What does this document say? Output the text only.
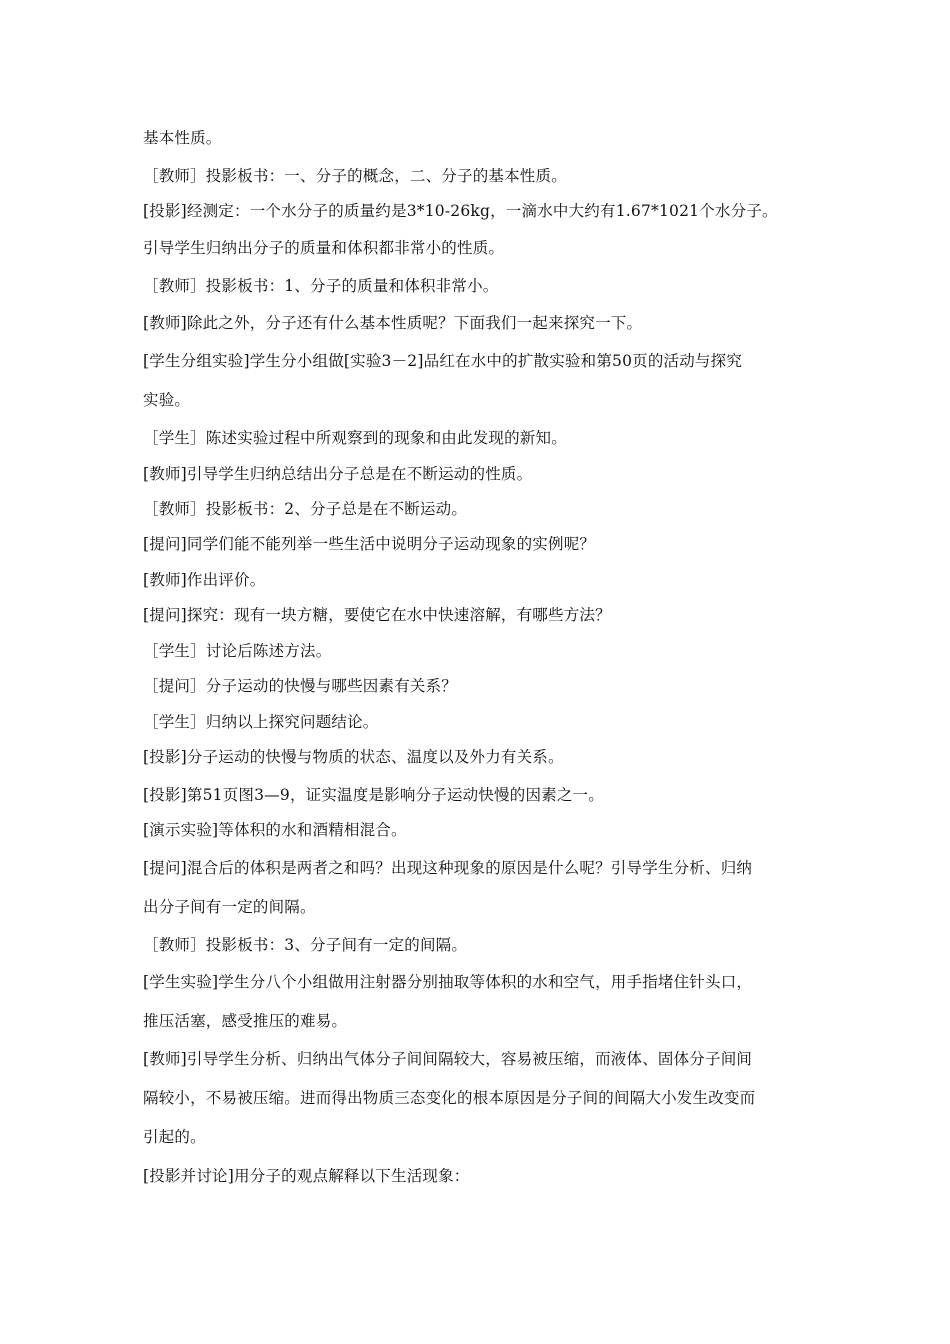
基本性质。
［教师］投影板书：一、分子的概念，二、分子的基本性质。
[投影]经测定：一个水分子的质量约是3*10-26kg，一滴水中大约有1.67*1021个水分子。
引导学生归纳出分子的质量和体积都非常小的性质。
［教师］投影板书：1、分子的质量和体积非常小。
[教师]除此之外，分子还有什么基本性质呢？下面我们一起来探究一下。
[学生分组实验]学生分小组做[实验3－2]品红在水中的扩散实验和第50页的活动与探究
实验。
［学生］陈述实验过程中所观察到的现象和由此发现的新知。
[教师]引导学生归纳总结出分子总是在不断运动的性质。
［教师］投影板书：2、分子总是在不断运动。
[提问]同学们能不能列举一些生活中说明分子运动现象的实例呢？
[教师]作出评价。
[提问]探究：现有一块方糖，要使它在水中快速溶解，有哪些方法？
［学生］讨论后陈述方法。
［提问］分子运动的快慢与哪些因素有关系？
［学生］归纳以上探究问题结论。
[投影]分子运动的快慢与物质的状态、温度以及外力有关系。
[投影]第51页图3—9，证实温度是影响分子运动快慢的因素之一。
[演示实验]等体积的水和酒精相混合。
[提问]混合后的体积是两者之和吗？出现这种现象的原因是什么呢？引导学生分析、归纳
出分子间有一定的间隔。
［教师］投影板书：3、分子间有一定的间隔。
[学生实验]学生分八个小组做用注射器分别抽取等体积的水和空气，用手指堵住针头口，
推压活塞，感受推压的难易。
[教师]引导学生分析、归纳出气体分子间间隔较大，容易被压缩，而液体、固体分子间间
隔较小，不易被压缩。进而得出物质三态变化的根本原因是分子间的间隔大小发生改变而
引起的。
[投影并讨论]用分子的观点解释以下生活现象：
